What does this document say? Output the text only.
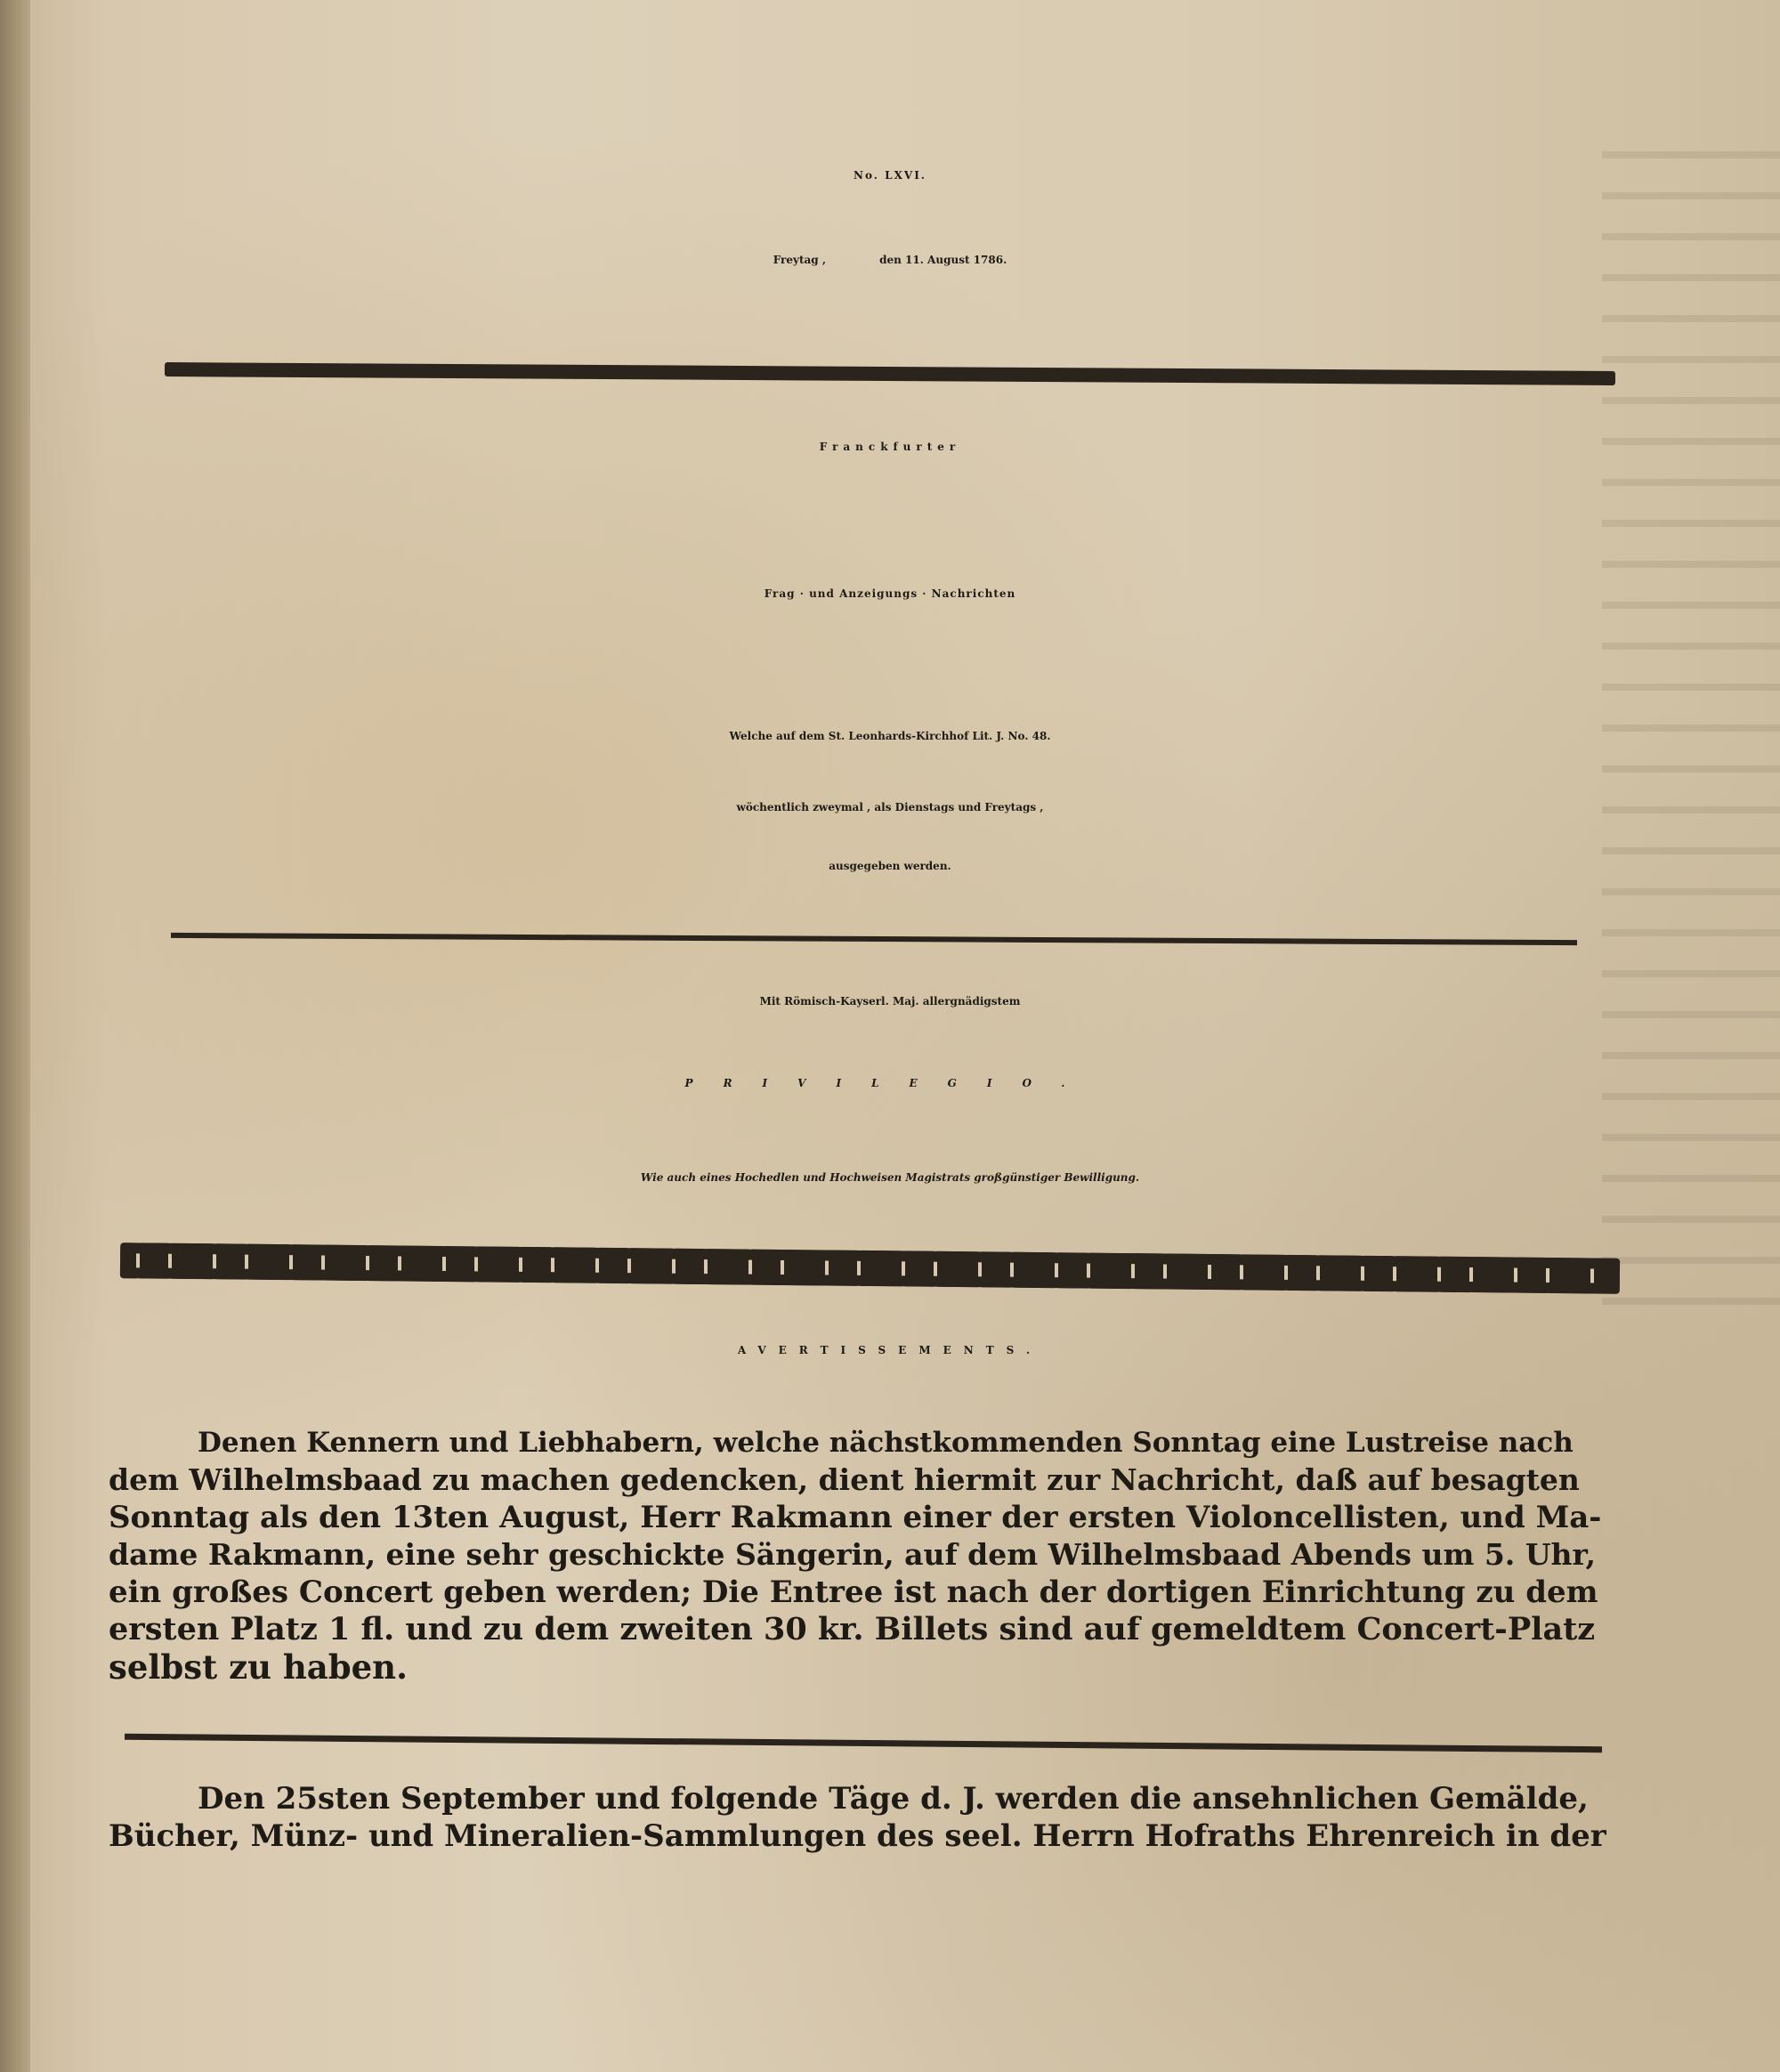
No. LXVI.
Freytag ,	den 11. August 1786.
Franckfurter
Frag · und Anzeigungs · Nachrichten
Welche auf dem St. Leonhards-Kirchhof Lit. J. No. 48.
wöchentlich zweymal , als Dienstags und Freytags ,
ausgegeben werden.
Mit Römisch-Kayserl. Maj. allergnädigstem
PRIVILEGIO.
Wie auch eines Hochedlen und Hochweisen Magistrats großgünstiger Bewilligung.
AVERTISSEMENTS.
Denen Kennern und Liebhabern, welche nächstkommenden Sonntag eine Lustreise nach
dem Wilhelmsbaad zu machen gedencken, dient hiermit zur Nachricht, daß auf besagten
Sonntag als den 13ten August, Herr Rakmann einer der ersten Violoncellisten, und Ma-
dame Rakmann, eine sehr geschickte Sängerin, auf dem Wilhelmsbaad Abends um 5. Uhr,
ein großes Concert geben werden; Die Entree ist nach der dortigen Einrichtung zu dem
ersten Platz 1 fl. und zu dem zweiten 30 kr. Billets sind auf gemeldtem Concert-Platz
selbst zu haben.
Den 25sten September und folgende Täge d. J. werden die ansehnlichen Gemälde,
Bücher, Münz- und Mineralien-Sammlungen des seel. Herrn Hofraths Ehrenreich in der
